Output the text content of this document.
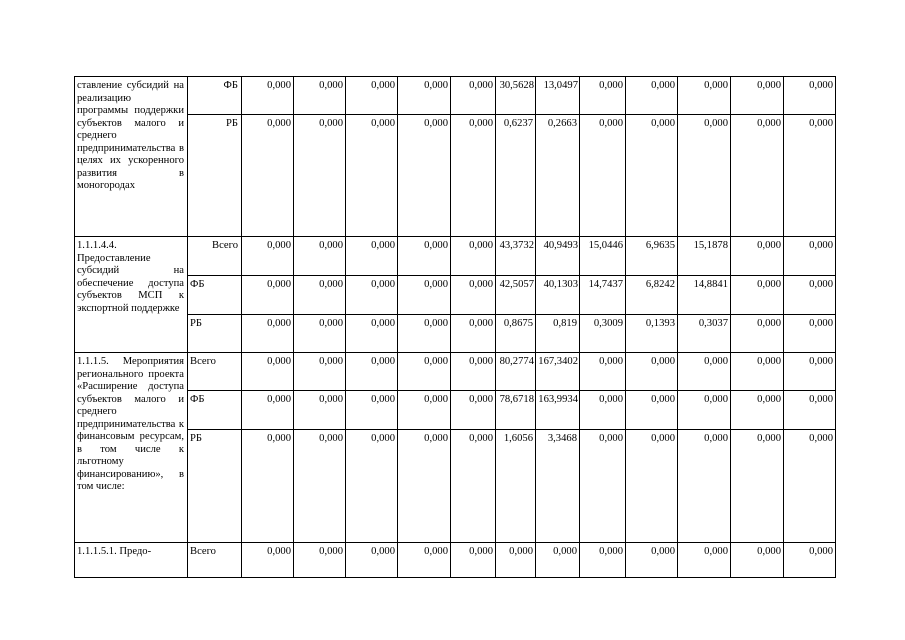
ставление субсидий на реализацию программы поддержки субъектов малого и среднего предпринимательства в целях их ускоренного развития в моногородах	ФБ	0,000	0,000	0,000	0,000	0,000	30,5628	13,0497	0,000	0,000	0,000	0,000	0,000
	РБ	0,000	0,000	0,000	0,000	0,000	0,6237	0,2663	0,000	0,000	0,000	0,000	0,000
1.1.1.4.4. Предоставление субсидий на обеспечение доступа субъектов МСП к экспортной поддержке	Всего	0,000	0,000	0,000	0,000	0,000	43,3732	40,9493	15,0446	6,9635	15,1878	0,000	0,000
	ФБ	0,000	0,000	0,000	0,000	0,000	42,5057	40,1303	14,7437	6,8242	14,8841	0,000	0,000
	РБ	0,000	0,000	0,000	0,000	0,000	0,8675	0,819	0,3009	0,1393	0,3037	0,000	0,000
1.1.1.5. Мероприятия регионального проекта «Расширение доступа субъектов малого и среднего предпринимательства к финансовым ресурсам, в том числе к льготному финансированию», в том числе:	Всего	0,000	0,000	0,000	0,000	0,000	80,2774	167,3402	0,000	0,000	0,000	0,000	0,000
	ФБ	0,000	0,000	0,000	0,000	0,000	78,6718	163,9934	0,000	0,000	0,000	0,000	0,000
	РБ	0,000	0,000	0,000	0,000	0,000	1,6056	3,3468	0,000	0,000	0,000	0,000	0,000
1.1.1.5.1. Предо-	Всего	0,000	0,000	0,000	0,000	0,000	0,000	0,000	0,000	0,000	0,000	0,000	0,000
